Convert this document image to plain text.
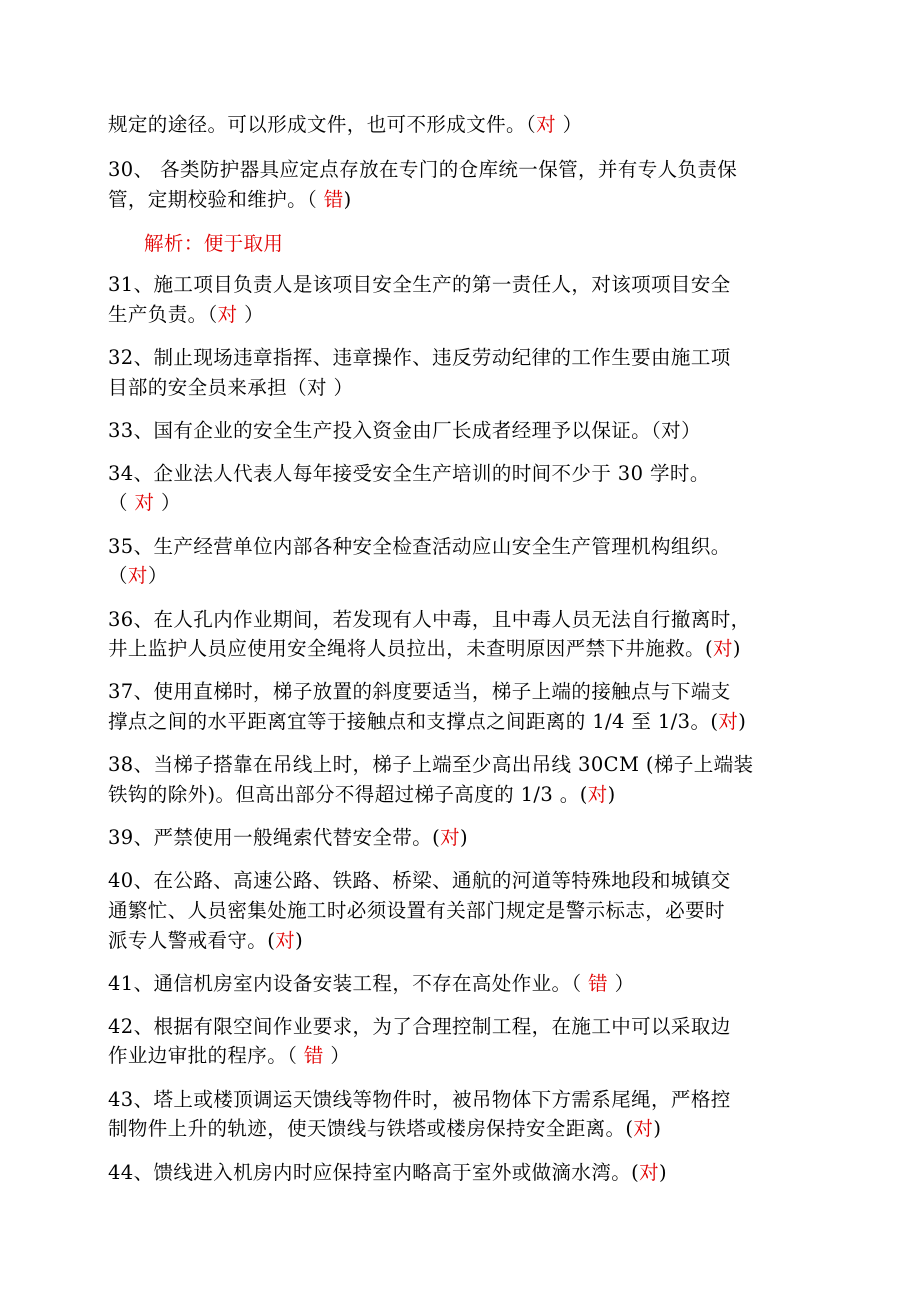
规定的途径。可以形成文件，也可不形成文件。（对 ）
30、 各类防护器具应定点存放在专门的仓库统一保管，并有专人负责保
管，定期校验和维护。（ 错)
解析：便于取用
31、施工项目负责人是该项目安全生产的第一责任人，对该项项目安全
生产负责。（对 ）
32、制止现场违章指挥、违章操作、违反劳动纪律的工作生要由施工项
目部的安全员来承担（对 ）
33、国有企业的安全生产投入资金由厂长成者经理予以保证。（对）
34、企业法人代表人每年接受安全生产培训的时间不少于 30 学时。
（ 对 ）
35、生产经营单位内部各种安全检查活动应山安全生产管理机构组织。
（对）
36、在人孔内作业期间，若发现有人中毒，且中毒人员无法自行撤离时，
井上监护人员应使用安全绳将人员拉出，未查明原因严禁下井施救。(对)
37、使用直梯时，梯子放置的斜度要适当，梯子上端的接触点与下端支
撑点之间的水平距离宜等于接触点和支撑点之间距离的 1/4 至 1/3。(对)
38、当梯子搭靠在吊线上时，梯子上端至少高出吊线 30CM (梯子上端装
铁钩的除外)。但高出部分不得超过梯子高度的 1/3 。(对)
39、严禁使用一般绳索代替安全带。(对)
40、在公路、高速公路、铁路、桥梁、通航的河道等特殊地段和城镇交
通繁忙、人员密集处施工时必须设置有关部门规定是警示标志，必要时
派专人警戒看守。(对)
41、通信机房室内设备安装工程，不存在高处作业。（ 错 ）
42、根据有限空间作业要求，为了合理控制工程，在施工中可以采取边
作业边审批的程序。（ 错 ）
43、塔上或楼顶调运天馈线等物件时，被吊物体下方需系尾绳，严格控
制物件上升的轨迹，使天馈线与铁塔或楼房保持安全距离。(对)
44、馈线进入机房内时应保持室内略高于室外或做滴水湾。(对)
